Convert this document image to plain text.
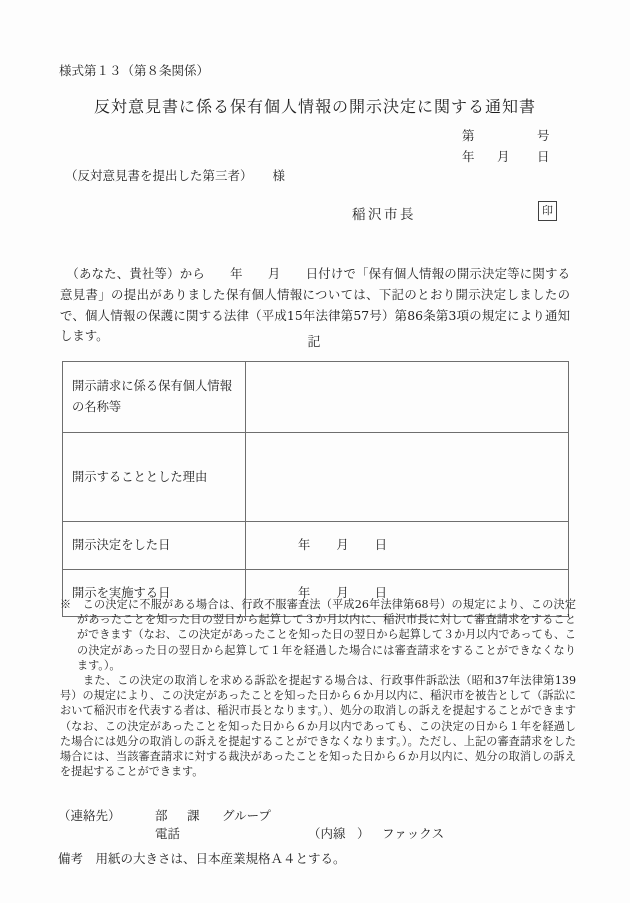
様式第１３（第８条関係）
反対意見書に係る保有個人情報の開示決定に関する通知書
第	号
年 月 日
（反対意見書を提出した第三者） 様
稲沢市長	印
　（あなた、貴社等）から　　年　　月　　日付けで「保有個人情報の開示決定等に関する意見書」の提出がありました保有個人情報については、下記のとおり開示決定しましたので、個人情報の保護に関する法律（平成15年法律第57号）第86条第3項の規定により通知します。	記
開示請求に係る保有個人情報の名称等	
開示することとした理由	
開示決定をした日	年　　月　　日
開示を実施する日	年　　月　　日

※　この決定に不服がある場合は、行政不服審査法（平成26年法律第68号）の規定により、この決定があったことを知った日の翌日から起算して３か月以内に、稲沢市長に対して審査請求をすることができます（なお、この決定があったことを知った日の翌日から起算して３か月以内であっても、この決定があった日の翌日から起算して１年を経過した場合には審査請求をすることができなくなります。）。

また、この決定の取消しを求める訴訟を提起する場合は、行政事件訴訟法（昭和37年法律第139号）の規定により、この決定があったことを知った日から６か月以内に、稲沢市を被告として（訴訟において稲沢市を代表する者は、稲沢市長となります。）、処分の取消しの訴えを提起することができます（なお、この決定があったことを知った日から６か月以内であっても、この決定の日から１年を経過した場合には処分の取消しの訴えを提起することができなくなります。）。ただし、上記の審査請求をした場合には、当該審査請求に対する裁決があったことを知った日から６か月以内に、処分の取消しの訴えを提起することができます。

（連絡先）	部 課 グループ
電話	（内線 ） ファックス
備考　用紙の大きさは、日本産業規格Ａ４とする。
